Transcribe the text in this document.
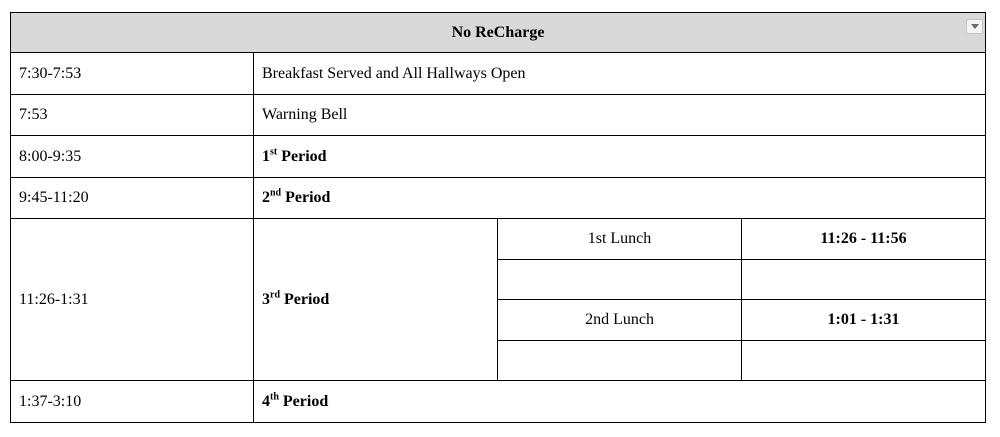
No ReCharge			

7:30-7:53	Breakfast Served and All Hallways Open		
7:53	Warning Bell		
8:00-9:35	1st Period		
9:45-11:20	2nd Period		
11:26-1:31	3rd Period	1st Lunch	11:26 - 11:56

		2nd Lunch	1:01 - 1:31

1:37-3:10	4th Period		
